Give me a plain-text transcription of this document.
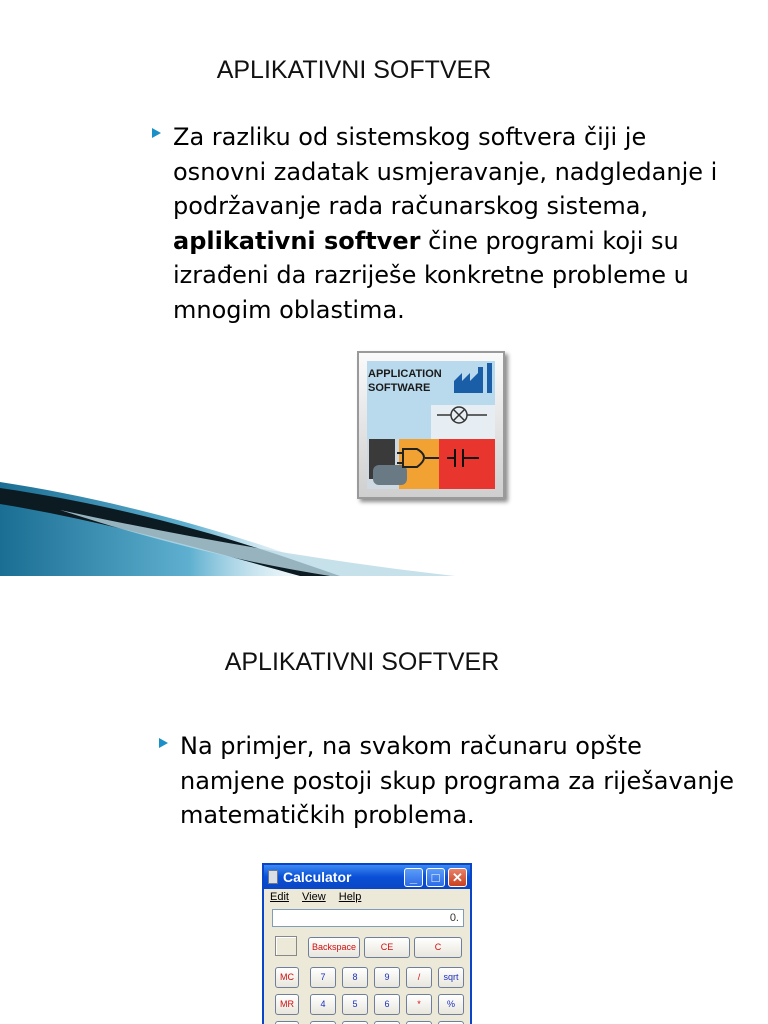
APLIKATIVNI SOFTVER
Za razliku od sistemskog softvera čiji je osnovni zadatak usmjeravanje, nadgledanje i podržavanje rada računarskog sistema, aplikativni softver čine programi koji su izrađeni da razriješe konkretne probleme u mnogim oblastima.
APPLICATION
SOFTWARE
APLIKATIVNI SOFTVER
Na primjer, na svakom računaru opšte namjene postoji skup programa za riješavanje matematičkih problema.
Calculator	_	□ ✕
Edit View Help
0.
Backspace	CE	C
MC	7	8	9	/	sqrt
MR	4	5	6	*	%
